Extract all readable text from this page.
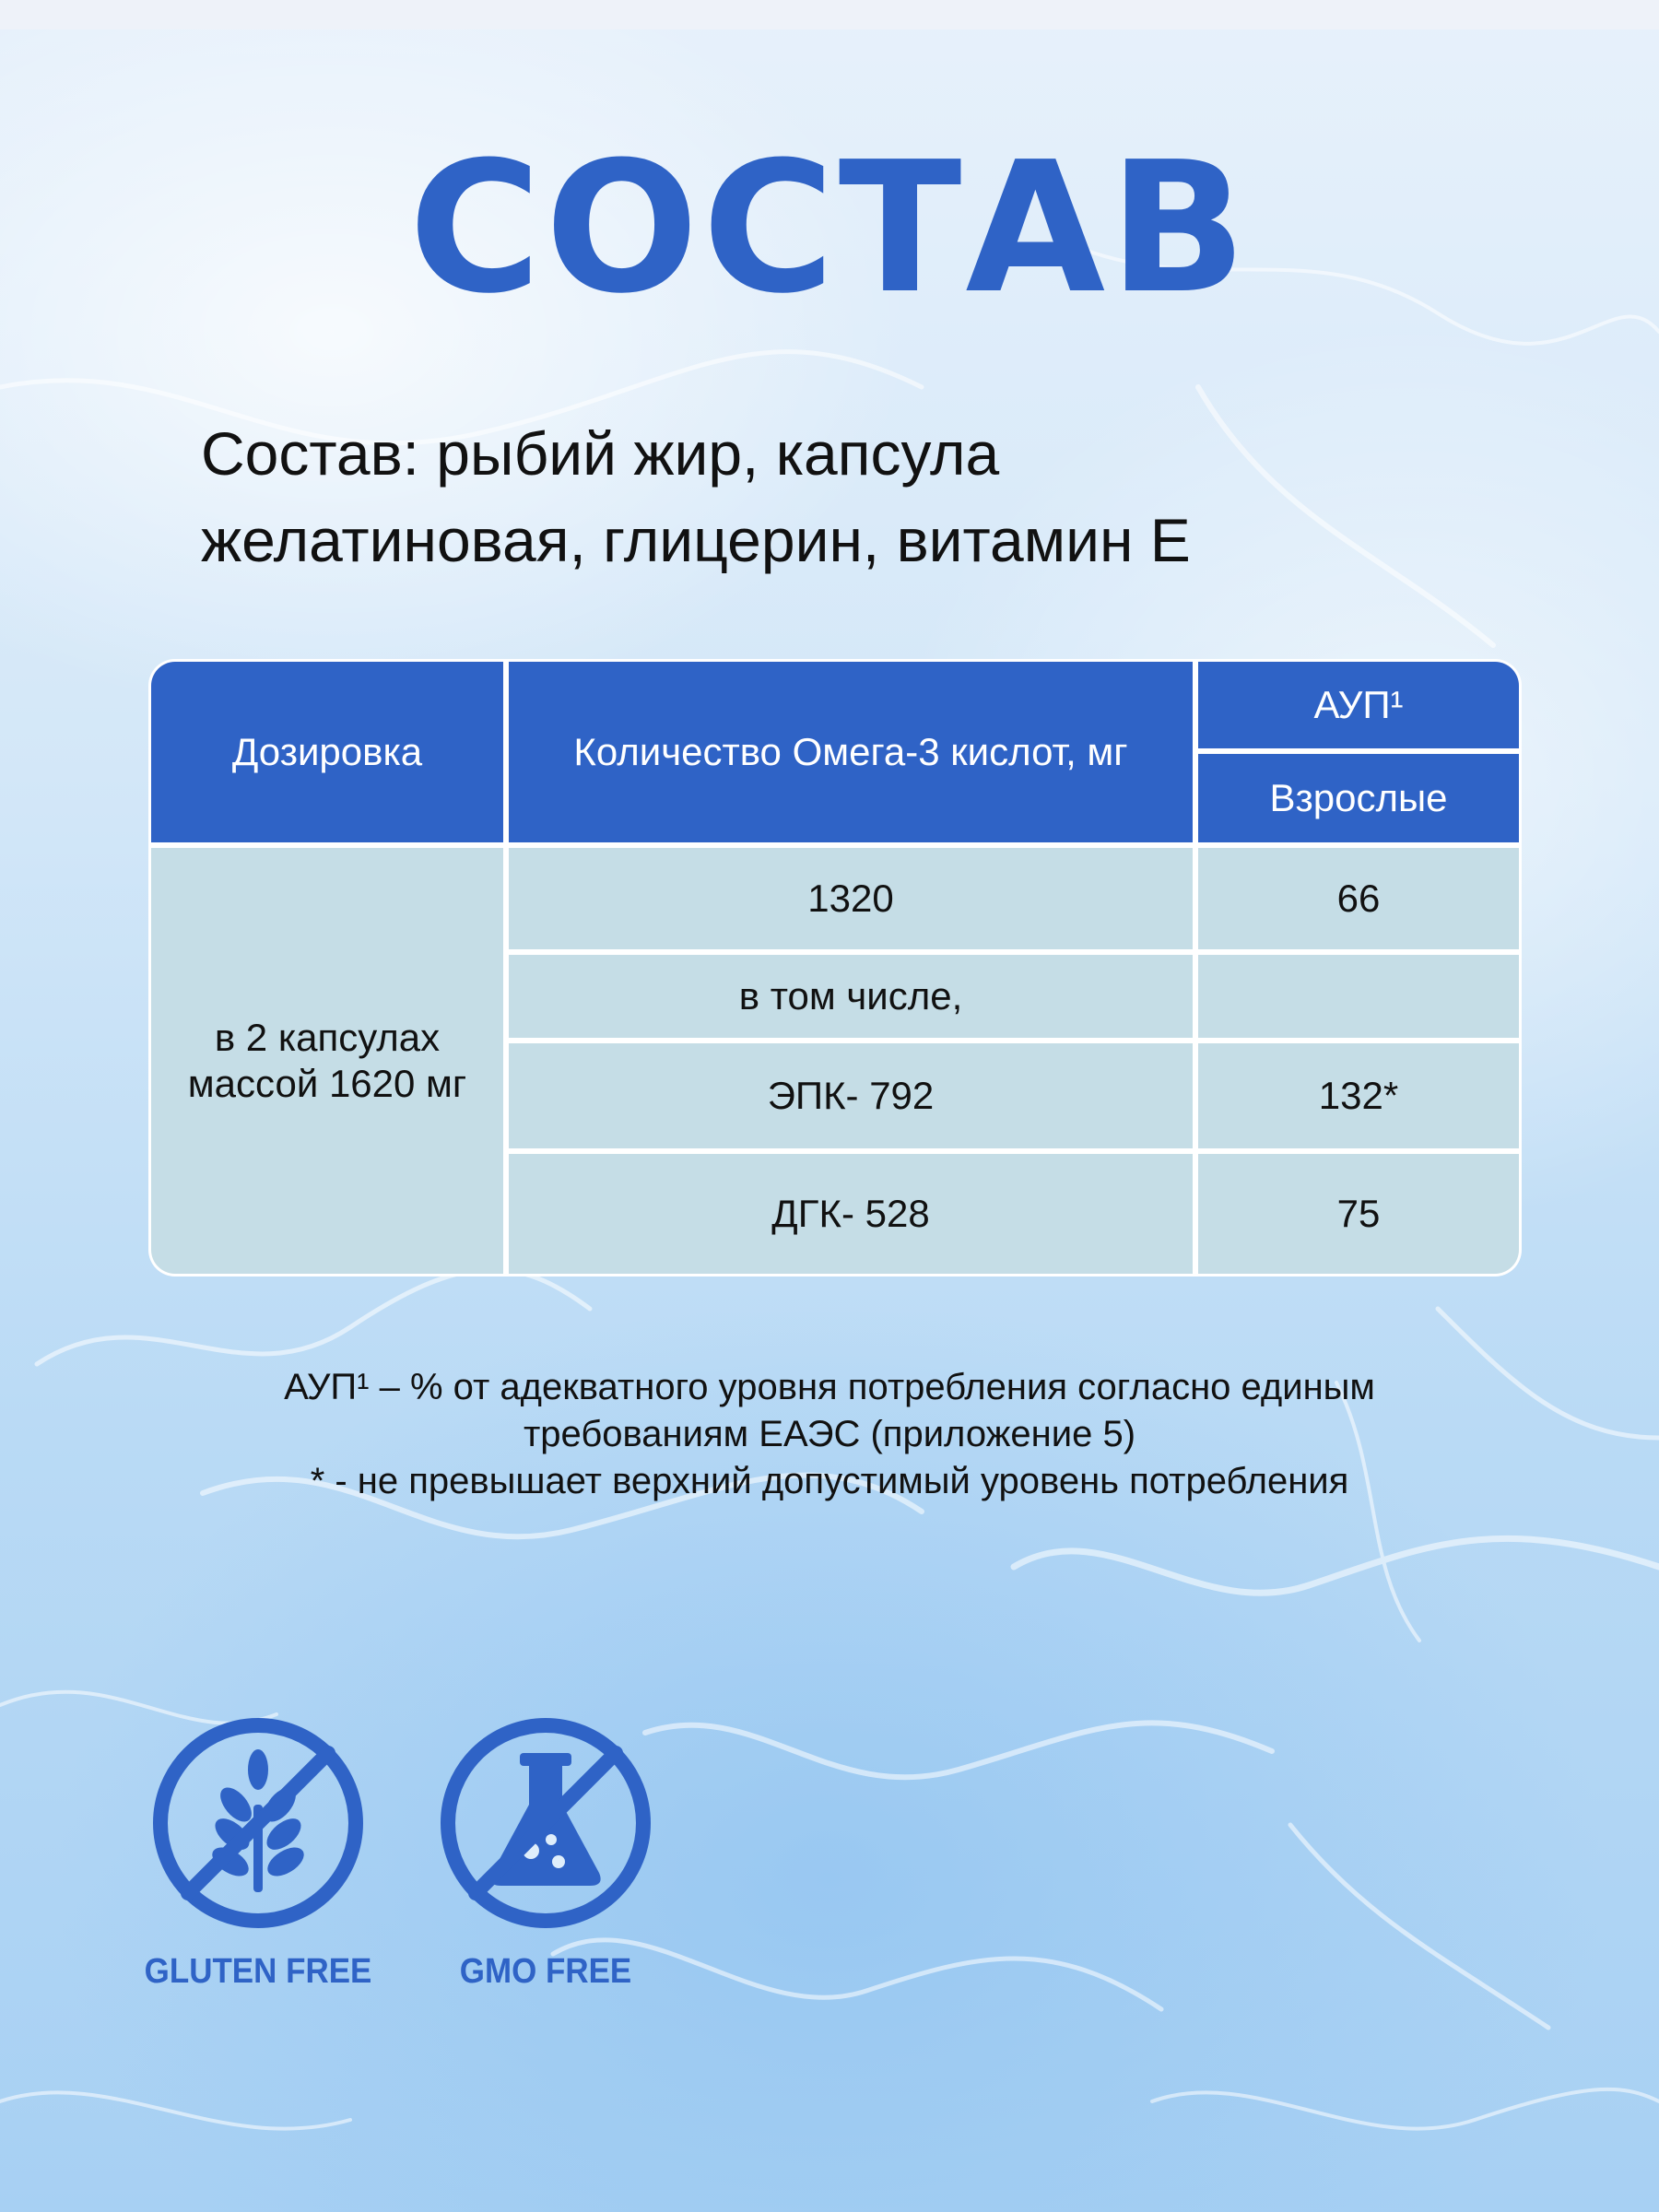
СОСТАВ
Состав: рыбий жир, капсула
желатиновая, глицерин, витамин Е
Дозировка	Количество Омега-3 кислот, мг
АУП¹
Взрослые
в 2 капсулах
массой 1620 мг
1320	66
в том числе,
ЭПК- 792	132*
ДГК- 528	75
АУП¹ – % от адекватного уровня потребления согласно единым
требованиям ЕАЭС (приложение 5)
* - не превышает верхний допустимый уровень потребления
GLUTEN FREE	GMO FREE
